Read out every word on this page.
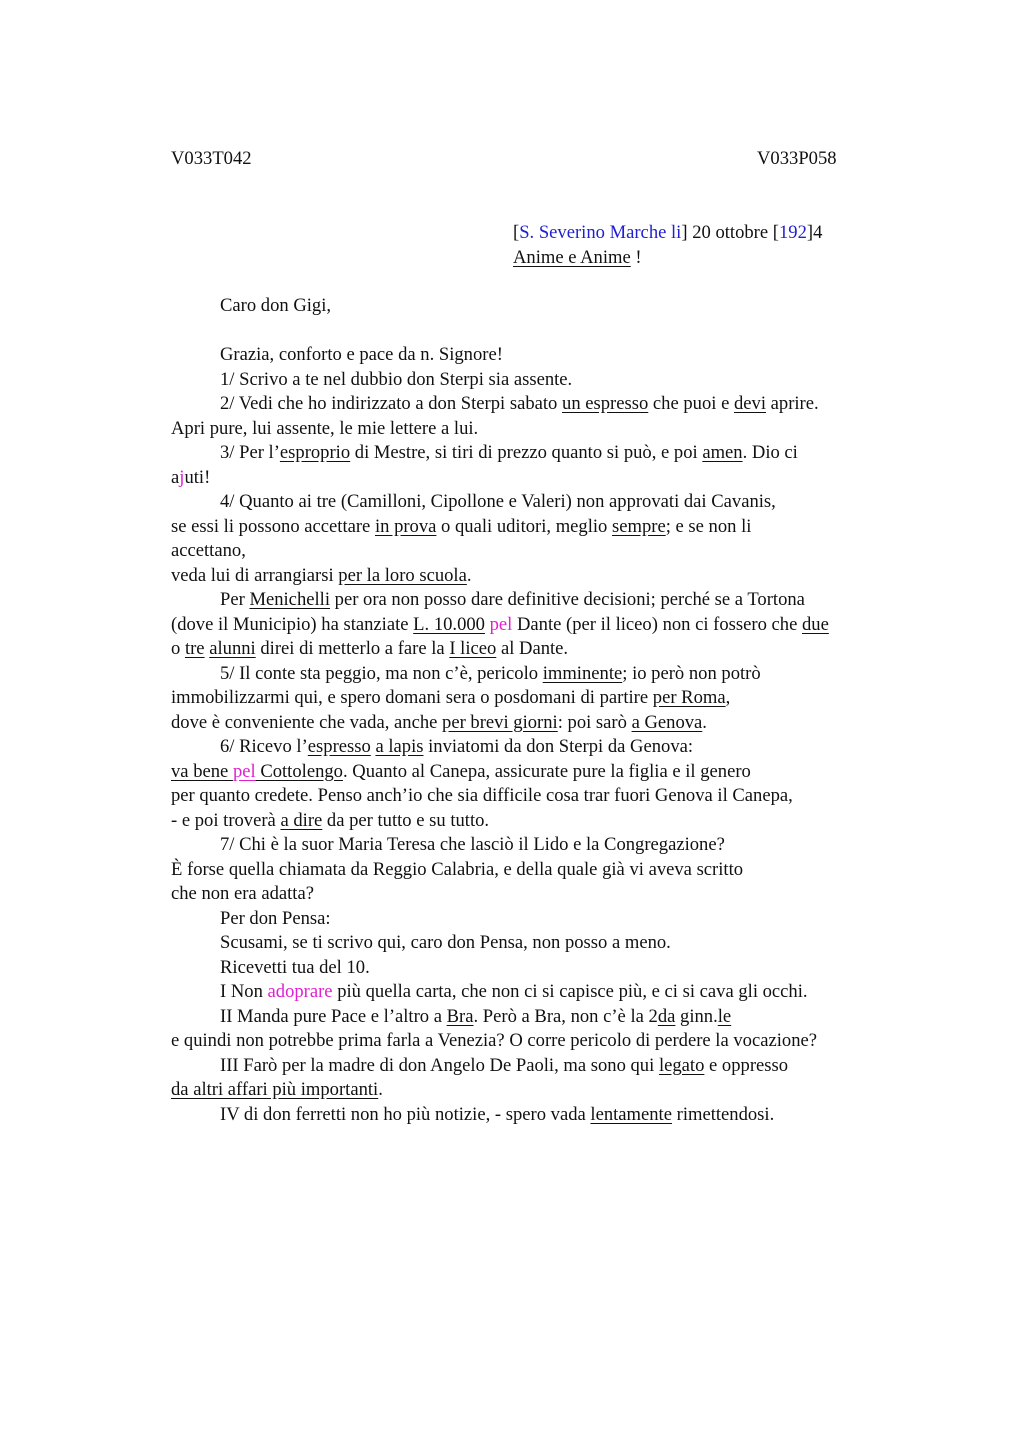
V033T042	V033P058
[S. Severino Marche li] 20 ottobre [192]4
Anime e Anime !

Caro don Gigi,

Grazia, conforto e pace da n. Signore!

1/ Scrivo a te nel dubbio don Sterpi sia assente.

2/ Vedi che ho indirizzato a don Sterpi sabato un espresso che puoi e devi aprire.

Apri pure, lui assente, le mie lettere a lui.

3/ Per l’esproprio di Mestre, si tiri di prezzo quanto si può, e poi amen. Dio ci

ajuti!

4/ Quanto ai tre (Camilloni, Cipollone e Valeri) non approvati dai Cavanis,

se essi li possono accettare in prova o quali uditori, meglio sempre; e se non li

accettano,

veda lui di arrangiarsi per la loro scuola.

Per Menichelli per ora non posso dare definitive decisioni; perché se a Tortona

(dove il Municipio) ha stanziate L. 10.000 pel Dante (per il liceo) non ci fossero che due

o tre alunni direi di metterlo a fare la I liceo al Dante.

5/ Il conte sta peggio, ma non c’è, pericolo imminente; io però non potrò

immobilizzarmi qui, e spero domani sera o posdomani di partire per Roma,

dove è conveniente che vada, anche per brevi giorni: poi sarò a Genova.

6/ Ricevo l’espresso a lapis inviatomi da don Sterpi da Genova:

va bene pel Cottolengo. Quanto al Canepa, assicurate pure la figlia e il genero

per quanto credete. Penso anch’io che sia difficile cosa trar fuori Genova il Canepa,

- e poi troverà a dire da per tutto e su tutto.

7/ Chi è la suor Maria Teresa che lasciò il Lido e la Congregazione?

È forse quella chiamata da Reggio Calabria, e della quale già vi aveva scritto

che non era adatta?

Per don Pensa:

Scusami, se ti scrivo qui, caro don Pensa, non posso a meno.

Ricevetti tua del 10.

I Non adoprare più quella carta, che non ci si capisce più, e ci si cava gli occhi.

II Manda pure Pace e l’altro a Bra. Però a Bra, non c’è la 2da ginn.le

e quindi non potrebbe prima farla a Venezia? O corre pericolo di perdere la vocazione?

III Farò per la madre di don Angelo De Paoli, ma sono qui legato e oppresso

da altri affari più importanti.

IV di don ferretti non ho più notizie, - spero vada lentamente rimettendosi.
